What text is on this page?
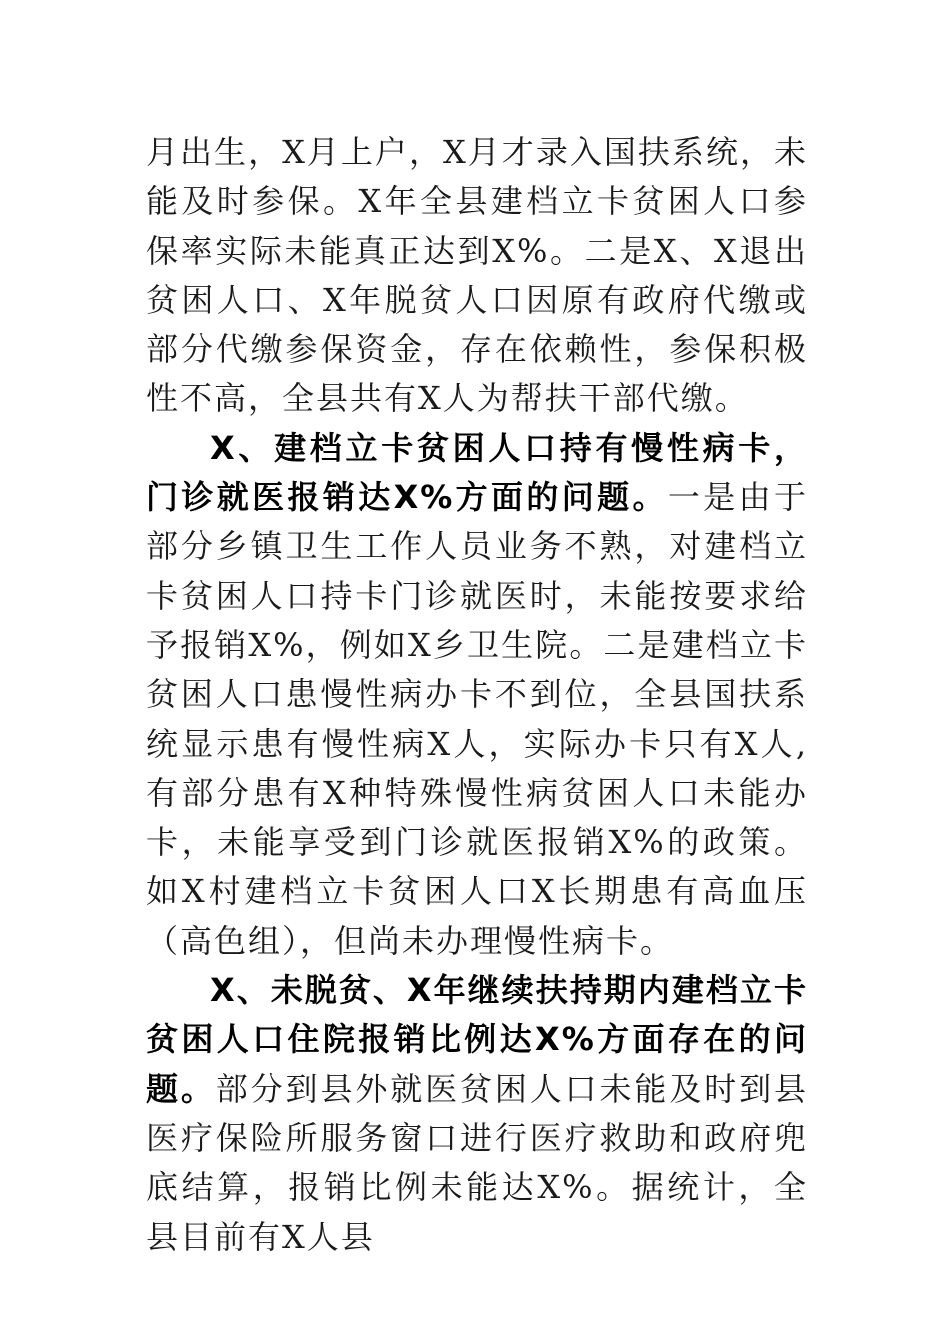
月出生，X月上户，X月才录入国扶系统，未能及时参保。X年全县建档立卡贫困人口参保率实际未能真正达到X%。二是X、X退出贫困人口、X年脱贫人口因原有政府代缴或部分代缴参保资金，存在依赖性，参保积极性不高，全县共有X人为帮扶干部代缴。

X、建档立卡贫困人口持有慢性病卡，门诊就医报销达X%方面的问题。一是由于部分乡镇卫生工作人员业务不熟，对建档立卡贫困人口持卡门诊就医时，未能按要求给予报销X%，例如X乡卫生院。二是建档立卡贫困人口患慢性病办卡不到位，全县国扶系统显示患有慢性病X人，实际办卡只有X人,有部分患有X种特殊慢性病贫困人口未能办卡，未能享受到门诊就医报销X%的政策。如X村建档立卡贫困人口X长期患有高血压（高色组），但尚未办理慢性病卡。

X、未脱贫、X年继续扶持期内建档立卡贫困人口住院报销比例达X%方面存在的问题。部分到县外就医贫困人口未能及时到县医疗保险所服务窗口进行医疗救助和政府兜底结算，报销比例未能达X%。据统计，全县目前有X人县
